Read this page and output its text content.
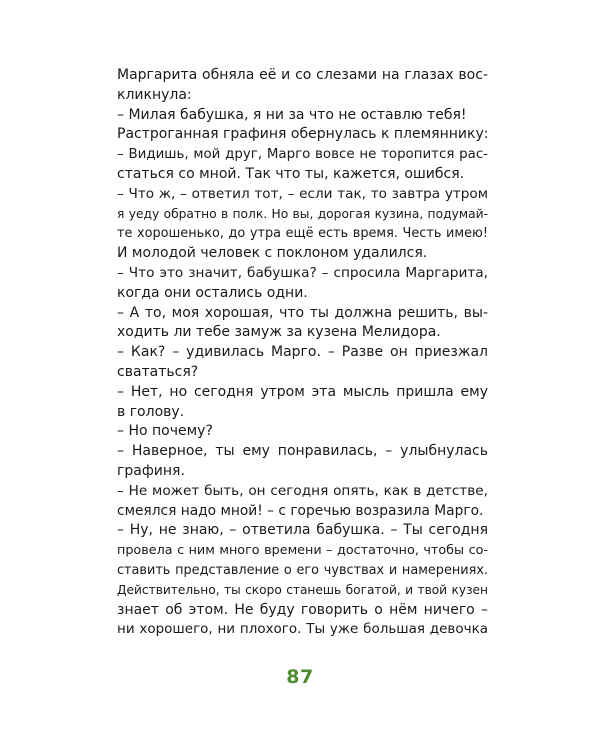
Маргарита обняла её и со слезами на глазах вос-
кликнула:
– Милая бабушка, я ни за что не оставлю тебя!
Растроганная графиня обернулась к племяннику:
– Видишь, мой друг, Марго вовсе не торопится рас-
статься со мной. Так что ты, кажется, ошибся.
– Что ж, – ответил тот, – если так, то завтра утром
я уеду обратно в полк. Но вы, дорогая кузина, подумай-
те хорошенько, до утра ещё есть время. Честь имею!
И молодой человек с поклоном удалился.
– Что это значит, бабушка? – спросила Маргарита,
когда они остались одни.
– А то, моя хорошая, что ты должна решить, вы-
ходить ли тебе замуж за кузена Мелидора.
– Как? – удивилась Марго. – Разве он приезжал
свататься?
– Нет, но сегодня утром эта мысль пришла ему
в голову.
– Но почему?
– Наверное, ты ему понравилась, – улыбнулась
графиня.
– Не может быть, он сегодня опять, как в детстве,
смеялся надо мной! – с горечью возразила Марго.
– Ну, не знаю, – ответила бабушка. – Ты сегодня
провела с ним много времени – достаточно, чтобы со-
ставить представление о его чувствах и намерениях.
Действительно, ты скоро станешь богатой, и твой кузен
знает об этом. Не буду говорить о нём ничего –
ни хорошего, ни плохого. Ты уже большая девочка
87
